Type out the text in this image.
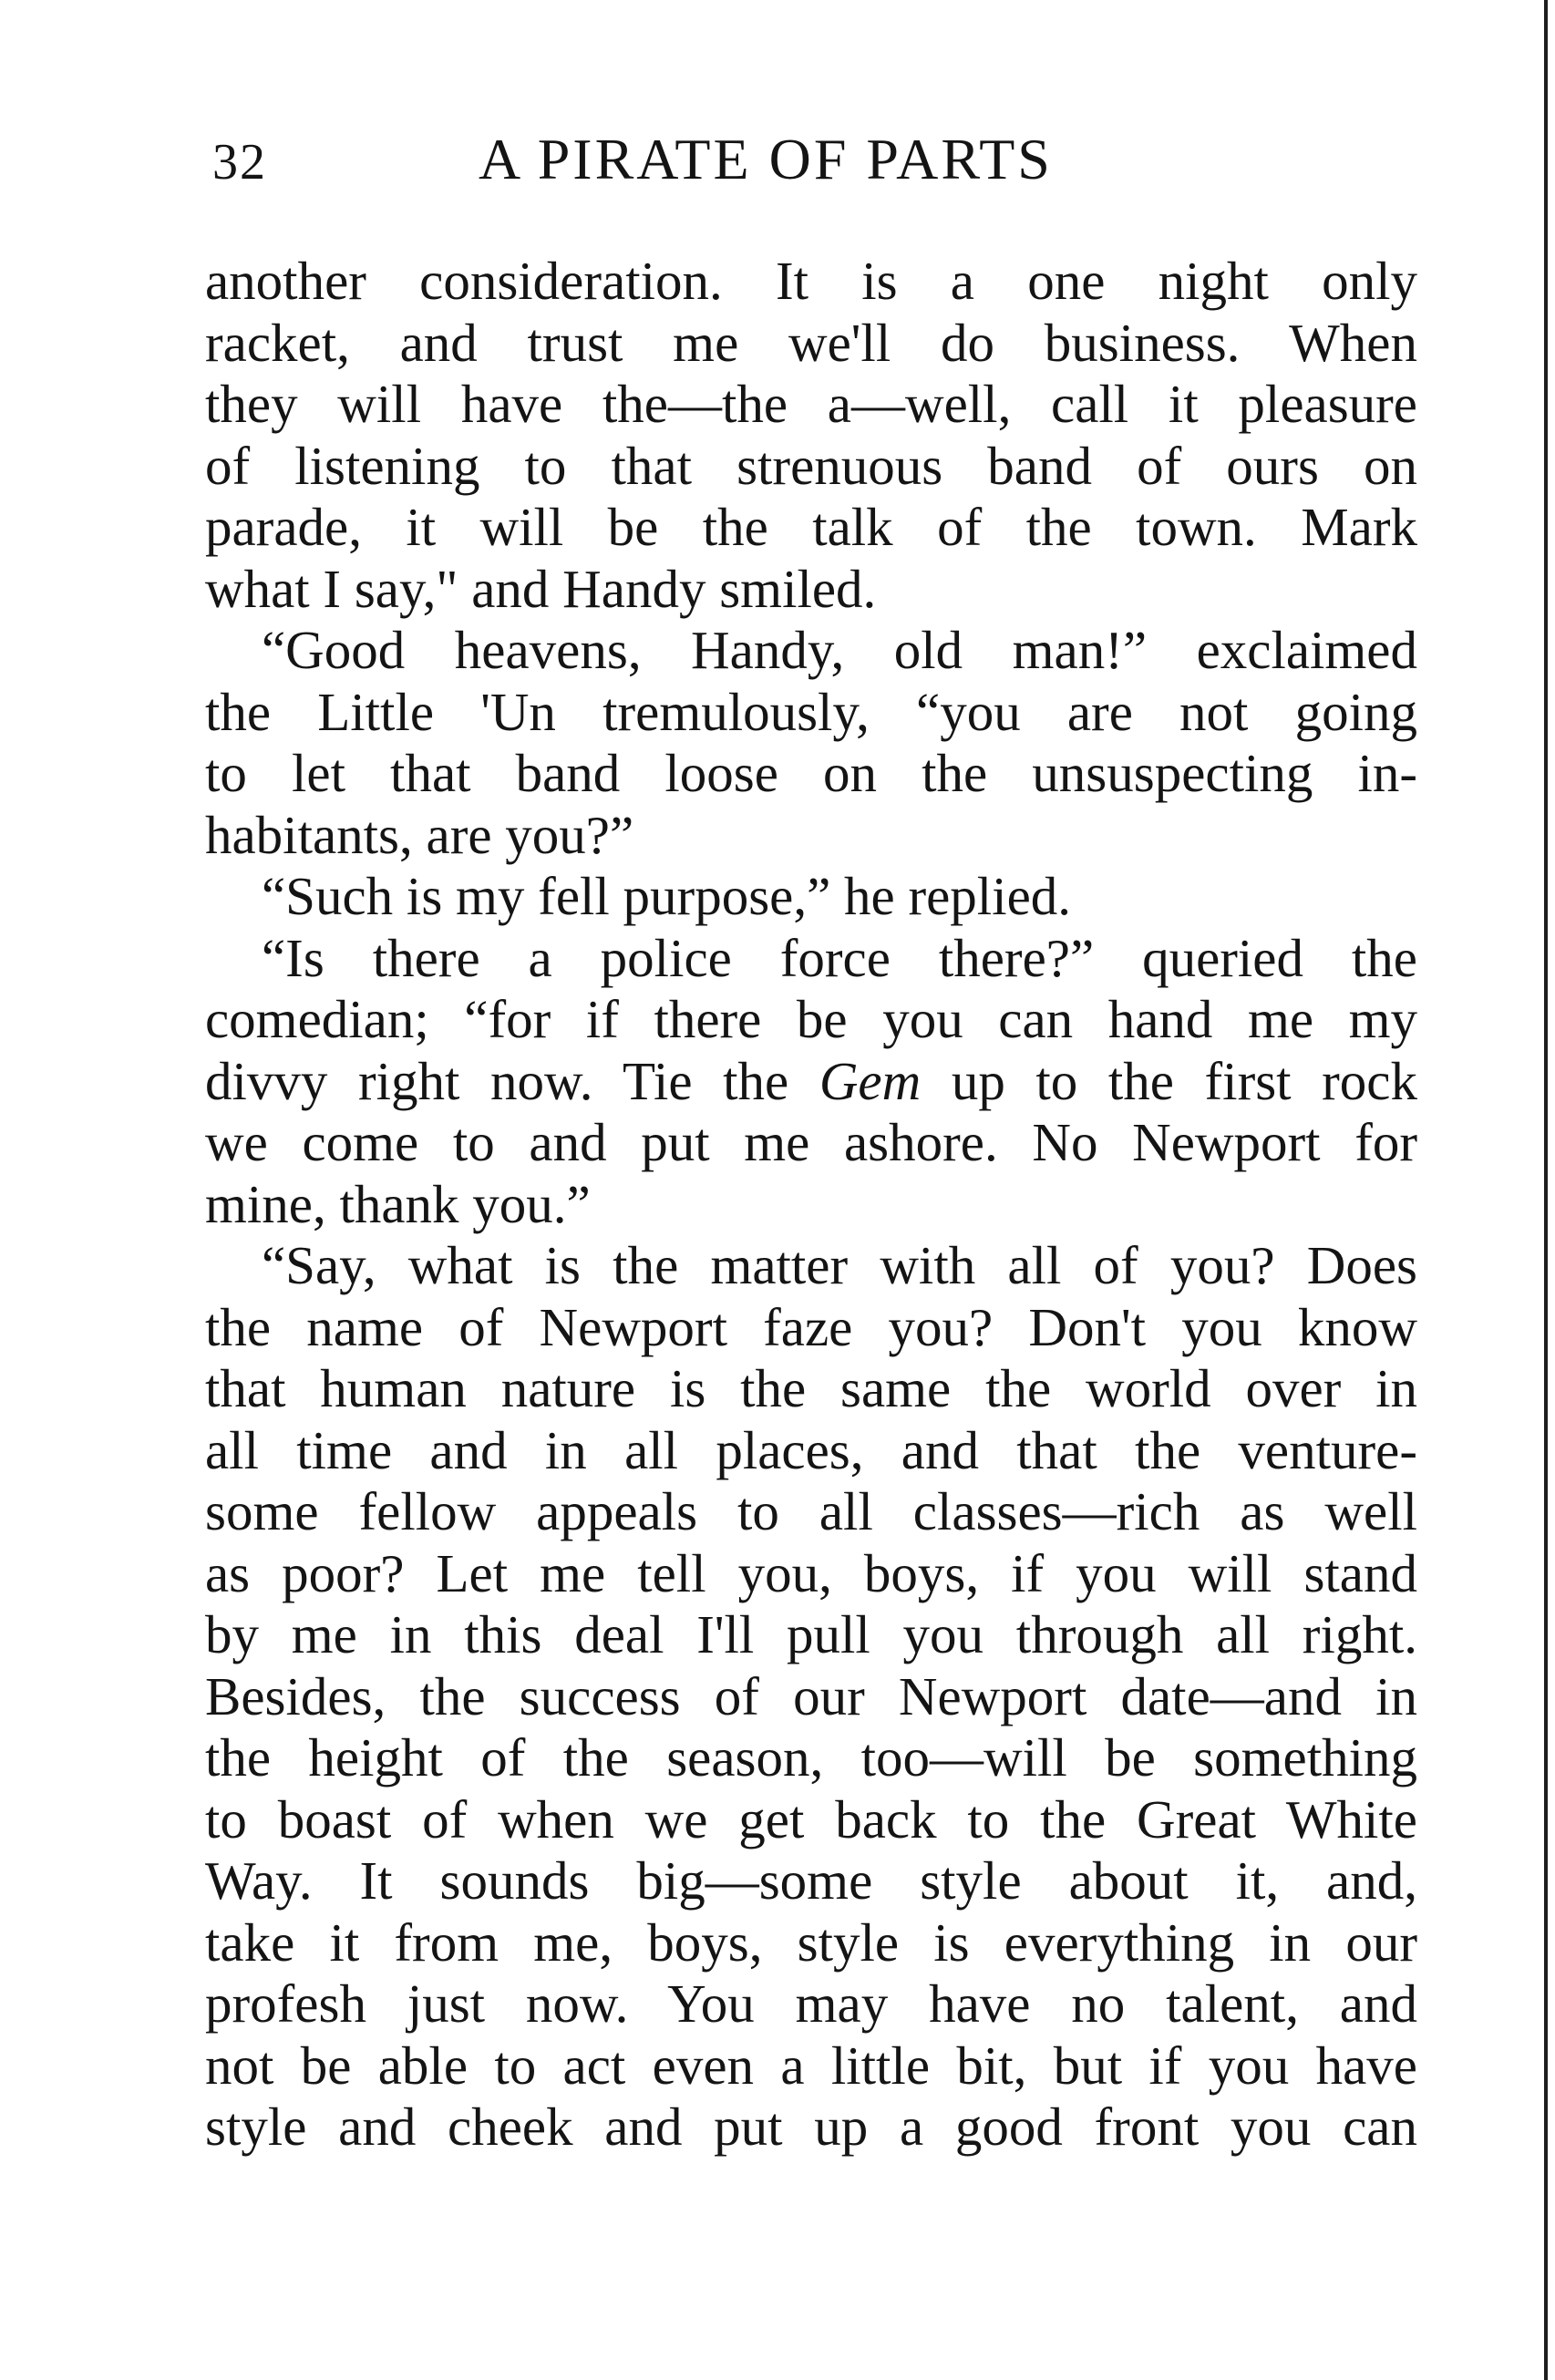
32	A PIRATE OF PARTS
another consideration. It is a one night only
racket, and trust me we'll do business. When
they will have the—the a—well, call it pleasure
of listening to that strenuous band of ours on
parade, it will be the talk of the town. Mark
what I say," and Handy smiled.
“Good heavens, Handy, old man!” exclaimed
the Little 'Un tremulously, “you are not going
to let that band loose on the unsuspecting in-
habitants, are you?”
“Such is my fell purpose,” he replied.
“Is there a police force there?” queried the
comedian; “for if there be you can hand me my
divvy right now. Tie the Gem up to the first rock
we come to and put me ashore. No Newport for
mine, thank you.”
“Say, what is the matter with all of you? Does
the name of Newport faze you? Don't you know
that human nature is the same the world over in
all time and in all places, and that the venture-
some fellow appeals to all classes—rich as well
as poor? Let me tell you, boys, if you will stand
by me in this deal I'll pull you through all right.
Besides, the success of our Newport date—and in
the height of the season, too—will be something
to boast of when we get back to the Great White
Way. It sounds big—some style about it, and,
take it from me, boys, style is everything in our
profesh just now. You may have no talent, and
not be able to act even a little bit, but if you have
style and cheek and put up a good front you can
